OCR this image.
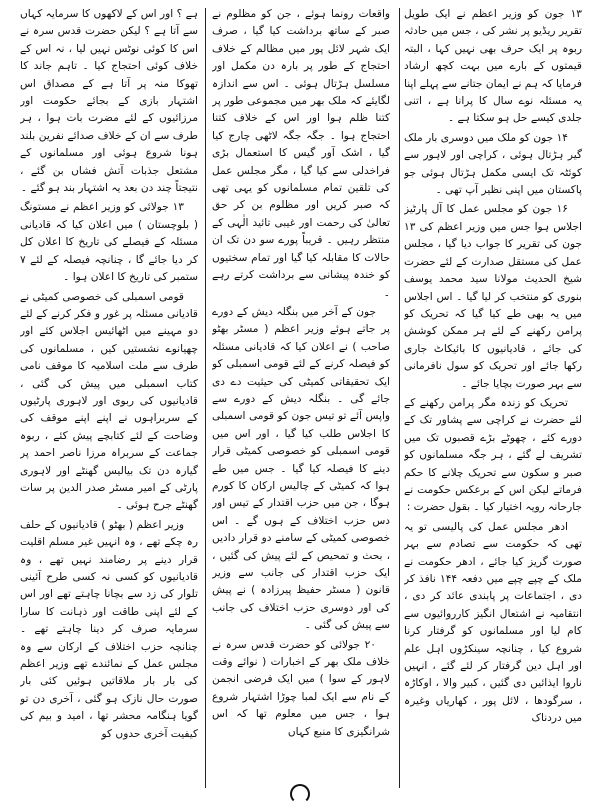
۱۳ جون کو وزیر اعظم نے ایک طویل تقریر ریڈیو پر نشر کی ، جس میں حادثہ ربوہ پر ایک حرف بھی نہیں کہا ، البتہ قیمتوں کے بارے میں بہت کچھ ارشاد فرمایا کہ ہم نے ایمان جتانے سے پہلے اپنا یہ مسئلہ نوے سال کا پرانا ہے ، اتنی جلدی کیسے حل ہو سکتا ہے ۔

۱۴ جون کو ملک میں دوسری بار ملک گیر ہڑتال ہوئی ، کراچی اور لاہور سے کوئٹہ تک ایسی مکمل ہڑتال ہوئی جو پاکستان میں اپنی نظیر آپ تھی ۔

۱۶ جون کو مجلس عمل کا آل پارٹیز اجلاس ہوا جس میں وزیر اعظم کی ۱۳ جون کی تقریر کا جواب دیا گیا ، مجلس عمل کی مستقل صدارت کے لئے حضرت شیخ الحدیث مولانا سید محمد یوسف بنوری کو منتخب کر لیا گیا ۔ اس اجلاس میں یہ بھی طے کیا گیا کہ تحریک کو پرامن رکھنے کے لئے ہر ممکن کوشش کی جائے ، قادیانیوں کا بائیکاٹ جاری رکھا جائے اور تحریک کو سول نافرمانی سے بہر صورت بچایا جائے ۔

تحریک کو زندہ مگر پرامن رکھنے کے لئے حضرت نے کراچی سے پشاور تک کے دورے کئے ، چھوٹے بڑے قصبوں تک میں تشریف لے گئے ، ہر جگہ مسلمانوں کو صبر و سکون سے تحریک چلانے کا حکم فرماتے لیکن اس کے برعکس حکومت نے جارحانہ رویہ اختیار کیا ۔ بقول حضرت :

ادھر مجلس عمل کی پالیسی تو یہ تھی کہ حکومت سے تصادم سے بہر صورت گریز کیا جائے ، ادھر حکومت نے ملک کے چپے چپے میں دفعہ ۱۴۴ نافذ کر دی ، اجتماعات پر پابندی عائد کر دی ، انتقامیہ نے اشتعال انگیز کارروائیوں سے کام لیا اور مسلمانوں کو گرفتار کرنا شروع کیا ، چنانچہ سینکڑوں اہل علم اور اہل دین گرفتار کر لئے گئے ، انہیں ناروا ایذائیں دی گئیں ، کبیر والا ، اوکاڑہ ، سرگودھا ، لائل پور ، کھاریاں وغیرہ میں دردناک

واقعات رونما ہوئے ، جن کو مظلوم نے صبر کے ساتھ برداشت کیا گیا ، صرف ایک شہر لائل پور میں مظالم کے خلاف احتجاج کے طور پر بارہ دن مکمل اور مسلسل ہڑتال ہوئی ۔ اس سے اندازہ لگایئے کہ ملک بھر میں مجموعی طور پر کتنا ظلم ہوا اور اس کے خلاف کتنا احتجاج ہوا ۔ جگہ جگہ لاٹھی چارج کیا گیا ، اشک آور گیس کا استعمال بڑی فراخدلی سے کیا گیا ، مگر مجلس عمل کی تلقین تمام مسلمانوں کو یہی تھی کہ صبر کریں اور مظلوم بن کر حق تعالیٰ کی رحمت اور غیبی تائید الٰہی کے منتظر رہیں ۔ قریباً پورے سو دن تک ان حالات کا مقابلہ کیا گیا اور تمام سختیوں کو خندہ پیشانی سے برداشت کرتے رہے ۔

جون کے آخر میں بنگلہ دیش کے دورے پر جاتے ہوئے وزیر اعظم ( مسٹر بھٹو صاحب ) نے اعلان کیا کہ قادیانی مسئلہ کو فیصلہ کرنے کے لئے قومی اسمبلی کو ایک تحقیقاتی کمیٹی کی حیثیت دے دی جائے گی ۔ بنگلہ دیش کے دورے سے واپس آئے تو تیس جون کو قومی اسمبلی کا اجلاس طلب کیا گیا ، اور اس میں قومی اسمبلی کو خصوصی کمیٹی قرار دینے کا فیصلہ کیا گیا ۔ جس میں طے ہوا کہ کمیٹی کے چالیس ارکان کا کورم ہوگا ، جن میں حزب اقتدار کے تیس اور دس حزب اختلاف کے ہوں گے ۔ اس خصوصی کمیٹی کے سامنے دو قرار دادیں ، بحث و تمحیص کے لئے پیش کی گئیں ، ایک حزب اقتدار کی جانب سے وزیر قانون ( مسٹر حفیظ پیرزادہ ) نے پیش کی اور دوسری حزب اختلاف کی جانب سے پیش کی گئی ۔

۲۰ جولائی کو حضرت قدس سرہ نے خلاف ملک بھر کے اخبارات ( نوائے وقت لاہور کے سوا ) میں ایک فرضی انجمن کے نام سے ایک لمبا چوڑا اشتہار شروع ہوا ، جس میں معلوم تھا کہ اس شرانگیزی کا منبع کہاں

ہے ؟ اور اس کے لاکھوں کا سرمایہ کہاں سے آتا ہے ؟ لیکن حضرت قدس سرہ نے اس کا کوئی نوٹس نہیں لیا ، نہ اس کے خلاف کوئی احتجاج کیا ۔ تاہم جاند کا تھوکا منہ پر آتا ہے کے مصداق اس اشتہار بازی کے بجائے حکومت اور مرزائیوں کے لئے مضرت بات ہوا ، ہر طرف سے ان کے خلاف صدائے نفرین بلند ہونا شروع ہوئی اور مسلمانوں کے مشتعل جذبات آتش فشاں بن گئے ، نتیجتاً چند دن بعد یہ اشتہار بند ہو گئے ۔

۱۳ جولائی کو وزیر اعظم نے مستونگ ( بلوچستان ) میں اعلان کیا کہ قادیانی مسئلہ کے فیصلے کی تاریخ کا اعلان کل کر دیا جائے گا ، چنانچہ فیصلہ کے لئے ۷ ستمبر کی تاریخ کا اعلان ہوا ۔

قومی اسمبلی کی خصوصی کمیٹی نے قادیانی مسئلہ پر غور و فکر کرنے کے لئے دو مہینے میں اٹھائیس اجلاس کئے اور چھیانوے نشستیں کیں ، مسلمانوں کی طرف سے ملت اسلامیہ کا موقف نامی کتاب اسمبلی میں پیش کی گئی ، قادیانیوں کی ربوی اور لاہوری پارٹیوں کے سربراہوں نے اپنے اپنے موقف کی وضاحت کے لئے کتابچے پیش کئے ، ربوہ جماعت کے سربراہ مرزا ناصر احمد پر گیارہ دن تک بیالیس گھنٹے اور لاہوری پارٹی کے امیر مسٹر صدر الدین پر سات گھنٹے جرح ہوئی ۔

وزیر اعظم ( بھٹو ) قادیانیوں کے حلف رہ چکے تھے ، وہ انہیں غیر مسلم اقلیت قرار دینے پر رضامند نہیں تھے ، وہ قادیانیوں کو کسی نہ کسی طرح آئینی تلوار کی زد سے بچانا چاہتے تھے اور اس کے لئے اپنی طاقت اور ذہانت کا سارا سرمایہ صرف کر دینا چاہتے تھے ۔ چنانچہ حزب اختلاف کے ارکان سے وہ مجلس عمل کے نمائندے تھے وزیر اعظم کی بار بار ملاقاتیں ہوئیں کئی بار صورت حال نازک ہو گئی ، آخری دن تو گویا ہنگامہ محشر تھا ، امید و بیم کی کیفیت آخری حدوں کو
